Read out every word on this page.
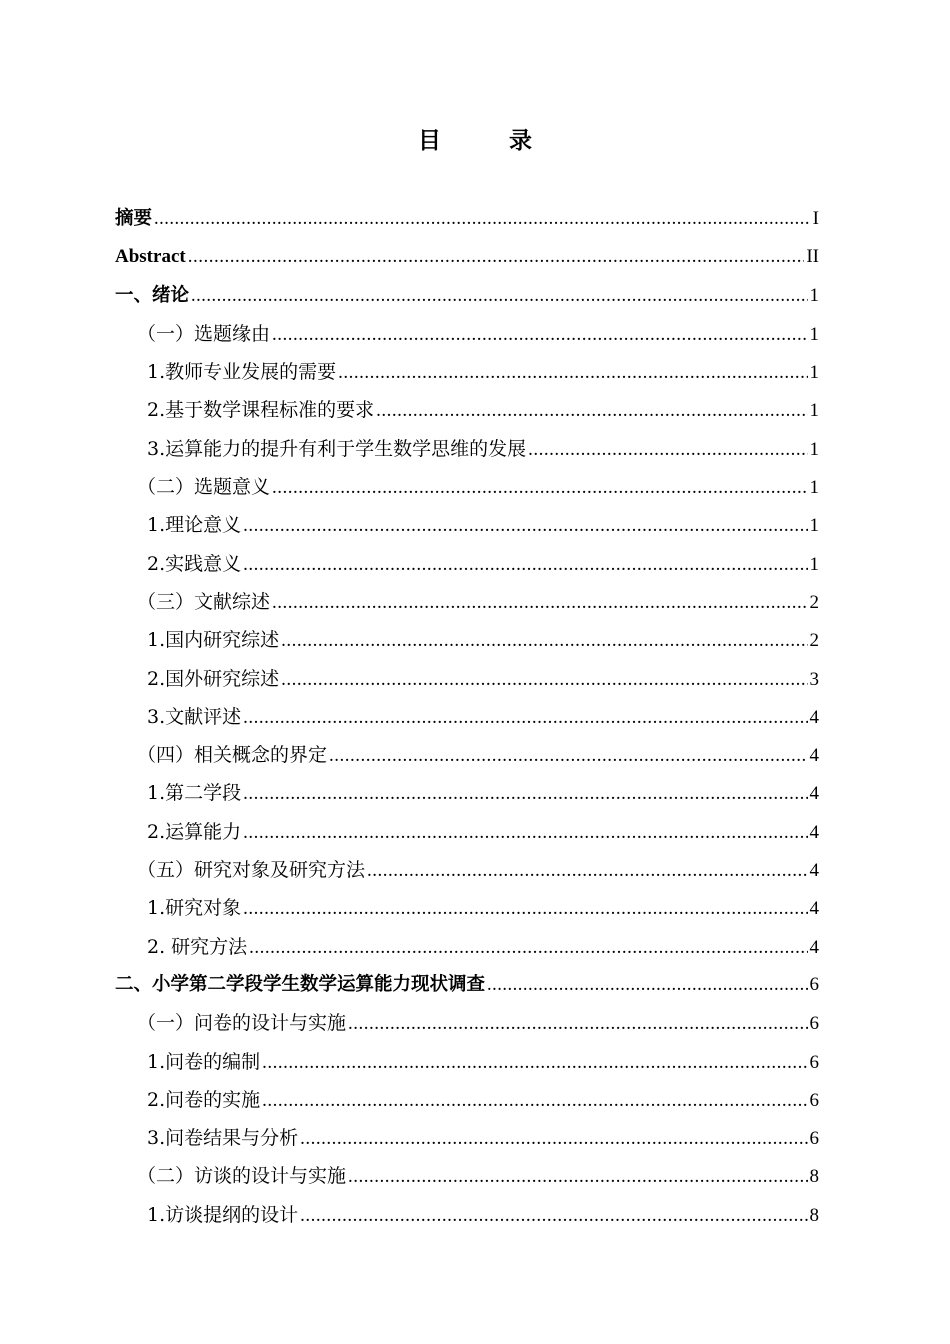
目 录
摘要 .....	I
Abstract .....	II
一、绪论 .....	1
（一）选题缘由 .....	1
1.教师专业发展的需要 .....	1
2.基于数学课程标准的要求 .....	1
3.运算能力的提升有利于学生数学思维的发展 .....	1
（二）选题意义 .....	1
1.理论意义 .....	1
2.实践意义 .....	1
（三）文献综述 .....	2
1.国内研究综述 .....	2
2.国外研究综述 .....	3
3.文献评述 .....	4
（四）相关概念的界定 .....	4
1.第二学段 .....	4
2.运算能力 .....	4
（五）研究对象及研究方法 .....	4
1.研究对象 .....	4
2. 研究方法 .....	4
二、小学第二学段学生数学运算能力现状调查 .....	6
（一）问卷的设计与实施 .....	6
1.问卷的编制 .....	6
2.问卷的实施 .....	6
3.问卷结果与分析 .....	6
（二）访谈的设计与实施 .....	8
1.访谈提纲的设计 .....	8
